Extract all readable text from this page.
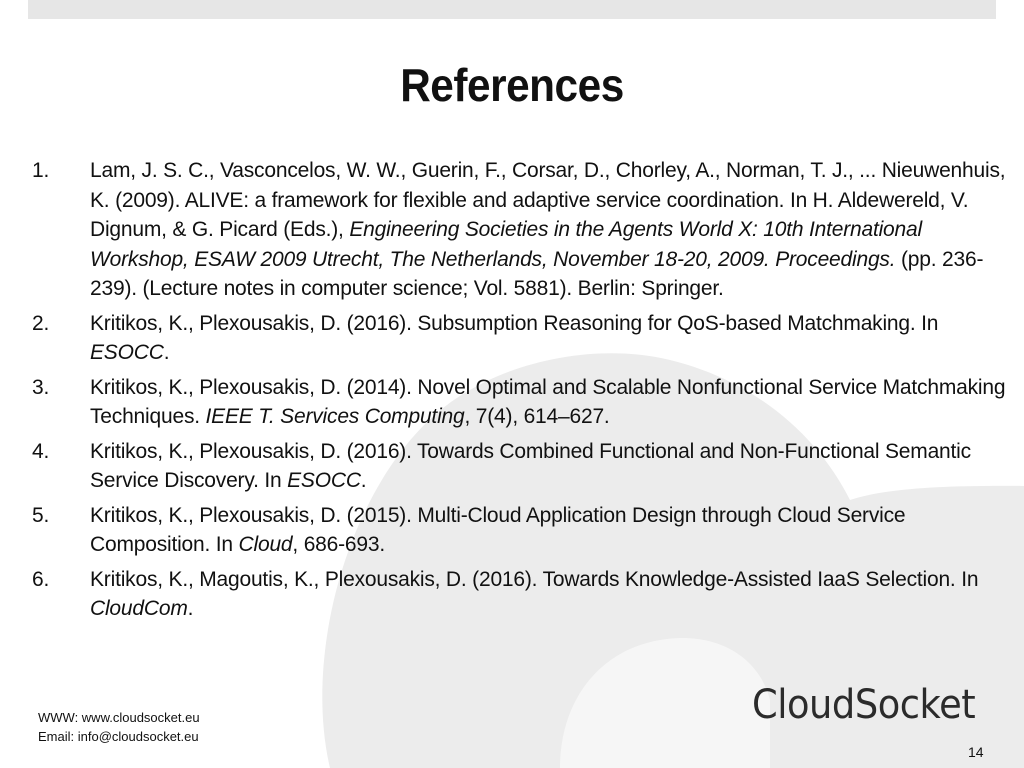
References
1.	Lam, J. S. C., Vasconcelos, W. W., Guerin, F., Corsar, D., Chorley, A., Norman, T. J., ... Nieuwenhuis, K. (2009). ALIVE: a framework for flexible and adaptive service coordination. In H. Aldewereld, V. Dignum, & G. Picard (Eds.), Engineering Societies in the Agents World X: 10th International Workshop, ESAW 2009 Utrecht, The Netherlands, November 18-20, 2009. Proceedings. (pp. 236-239). (Lecture notes in computer science; Vol. 5881). Berlin: Springer.
2.	Kritikos, K., Plexousakis, D. (2016). Subsumption Reasoning for QoS-based Matchmaking. In ESOCC.
3.	Kritikos, K., Plexousakis, D. (2014). Novel Optimal and Scalable Nonfunctional Service Matchmaking Techniques. IEEE T. Services Computing, 7(4), 614–627.
4.	Kritikos, K., Plexousakis, D. (2016). Towards Combined Functional and Non-Functional Semantic Service Discovery. In ESOCC.
5.	Kritikos, K., Plexousakis, D. (2015). Multi-Cloud Application Design through Cloud Service Composition. In Cloud, 686-693.
6.	Kritikos, K., Magoutis, K., Plexousakis, D. (2016). Towards Knowledge-Assisted IaaS Selection. In CloudCom.
WWW: www.cloudsocket.eu
Email: info@cloudsocket.eu
CloudSocket
14
